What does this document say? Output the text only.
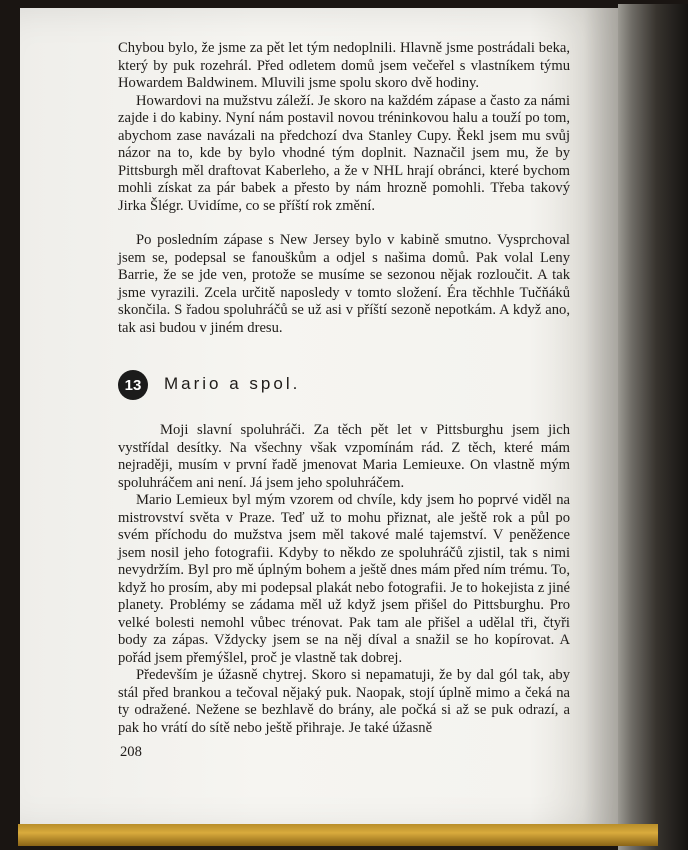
Chybou bylo, že jsme za pět let tým nedoplnili. Hlavně jsme postrádali beka, který by puk rozehrál. Před odletem domů jsem večeřel s vlastníkem týmu Howardem Baldwinem. Mluvili jsme spolu skoro dvě hodiny.

Howardovi na mužstvu záleží. Je skoro na každém zápase a často za námi zajde i do kabiny. Nyní nám postavil novou tréninkovou halu a touží po tom, abychom zase navázali na předchozí dva Stanley Cupy. Řekl jsem mu svůj názor na to, kde by bylo vhodné tým doplnit. Naznačil jsem mu, že by Pittsburgh měl draftovat Kaberleho, a že v NHL hrají obránci, které bychom mohli získat za pár babek a přesto by nám hrozně pomohli. Třeba takový Jirka Šlégr. Uvidíme, co se příští rok změní.

Po posledním zápase s New Jersey bylo v kabině smutno. Vysprchoval jsem se, podepsal se fanouškům a odjel s našima domů. Pak volal Leny Barrie, že se jde ven, protože se musíme se sezonou nějak rozloučit. A tak jsme vyrazili. Zcela určitě naposledy v tomto složení. Éra těchhle Tučňáků skončila. S řadou spoluhráčů se už asi v příští sezoně nepotkám. A když ano, tak asi budou v jiném dresu.

13	Mario a spol.

Moji slavní spoluhráči. Za těch pět let v Pittsburghu jsem jich vystřídal desítky. Na všechny však vzpomínám rád. Z těch, které mám nejraději, musím v první řadě jmenovat Maria Lemieuxe. On vlastně mým spoluhráčem ani není. Já jsem jeho spoluhráčem.

Mario Lemieux byl mým vzorem od chvíle, kdy jsem ho poprvé viděl na mistrovství světa v Praze. Teď už to mohu přiznat, ale ještě rok a půl po svém příchodu do mužstva jsem měl takové malé tajemství. V peněžence jsem nosil jeho fotografii. Kdyby to někdo ze spoluhráčů zjistil, tak s nimi nevydržím. Byl pro mě úplným bohem a ještě dnes mám před ním trému. To, když ho prosím, aby mi podepsal plakát nebo fotografii. Je to hokejista z jiné planety. Problémy se zádama měl už když jsem přišel do Pittsburghu. Pro velké bolesti nemohl vůbec trénovat. Pak tam ale přišel a udělal tři, čtyři body za zápas. Vždycky jsem se na něj díval a snažil se ho kopírovat. A pořád jsem přemýšlel, proč je vlastně tak dobrej.

Především je úžasně chytrej. Skoro si nepamatuji, že by dal gól tak, aby stál před brankou a tečoval nějaký puk. Naopak, stojí úplně mimo a čeká na ty odražené. Nežene se bezhlavě do brány, ale počká si až se puk odrazí, a pak ho vrátí do sítě nebo ještě přihraje. Je také úžasně

208
